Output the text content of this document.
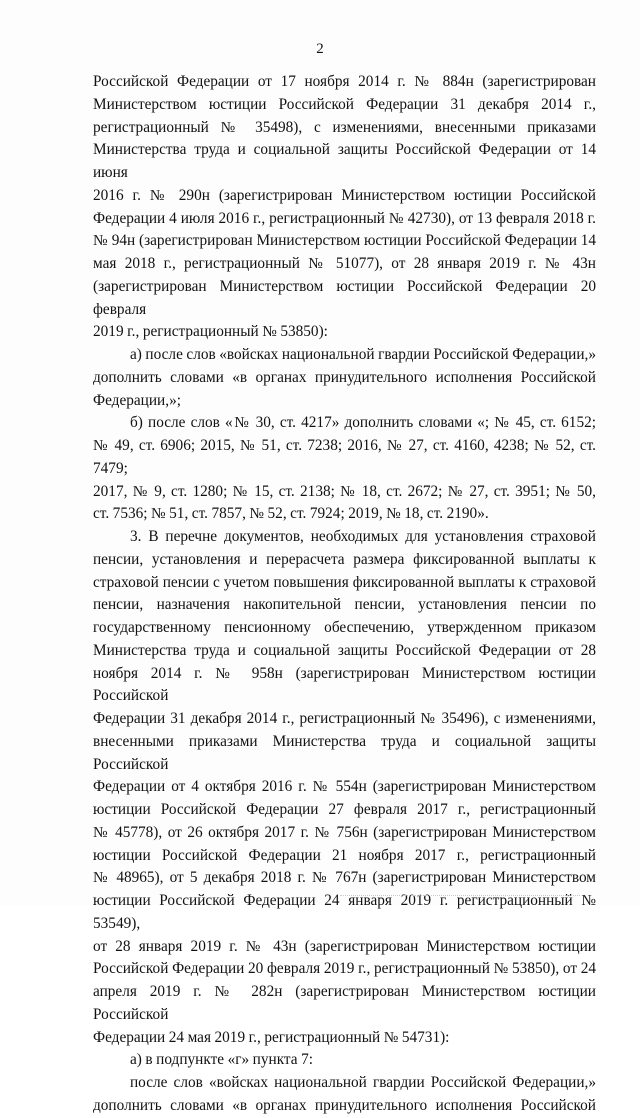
2

Российской Федерации от 17 ноября 2014 г. № 884н (зарегистрирован
Министерством юстиции Российской Федерации 31 декабря 2014 г.,
регистрационный № 35498), с изменениями, внесенными приказами
Министерства труда и социальной защиты Российской Федерации от 14 июня
2016 г. № 290н (зарегистрирован Министерством юстиции Российской
Федерации 4 июля 2016 г., регистрационный № 42730), от 13 февраля 2018 г.
№ 94н (зарегистрирован Министерством юстиции Российской Федерации 14
мая 2018 г., регистрационный № 51077), от 28 января 2019 г. № 43н
(зарегистрирован Министерством юстиции Российской Федерации 20 февраля
2019 г., регистрационный № 53850):

а) после слов «войсках национальной гвардии Российской Федерации,»
дополнить словами «в органах принудительного исполнения Российской
Федерации,»;

б) после слов «№ 30, ст. 4217» дополнить словами «; № 45, ст. 6152;
№ 49, ст. 6906; 2015, № 51, ст. 7238; 2016, № 27, ст. 4160, 4238; № 52, ст. 7479;
2017, № 9, ст. 1280; № 15, ст. 2138; № 18, ст. 2672; № 27, ст. 3951; № 50,
ст. 7536; № 51, ст. 7857, № 52, ст. 7924; 2019, № 18, ст. 2190».

3. В перечне документов, необходимых для установления страховой
пенсии, установления и перерасчета размера фиксированной выплаты к
страховой пенсии с учетом повышения фиксированной выплаты к страховой
пенсии, назначения накопительной пенсии, установления пенсии по
государственному пенсионному обеспечению, утвержденном приказом
Министерства труда и социальной защиты Российской Федерации от 28
ноября 2014 г. № 958н (зарегистрирован Министерством юстиции Российской
Федерации 31 декабря 2014 г., регистрационный № 35496), с изменениями,
внесенными приказами Министерства труда и социальной защиты Российской
Федерации от 4 октября 2016 г. № 554н (зарегистрирован Министерством
юстиции Российской Федерации 27 февраля 2017 г., регистрационный
№ 45778), от 26 октября 2017 г. № 756н (зарегистрирован Министерством
юстиции Российской Федерации 21 ноября 2017 г., регистрационный
№ 48965), от 5 декабря 2018 г. № 767н (зарегистрирован Министерством
юстиции Российской Федерации 24 января 2019 г. регистрационный № 53549),
от 28 января 2019 г. № 43н (зарегистрирован Министерством юстиции
Российской Федерации 20 февраля 2019 г., регистрационный № 53850), от 24
апреля 2019 г. № 282н (зарегистрирован Министерством юстиции Российской
Федерации 24 мая 2019 г., регистрационный № 54731):

а) в подпункте «г» пункта 7:

после слов «войсках национальной гвардии Российской Федерации,»
дополнить словами «в органах принудительного исполнения Российской
